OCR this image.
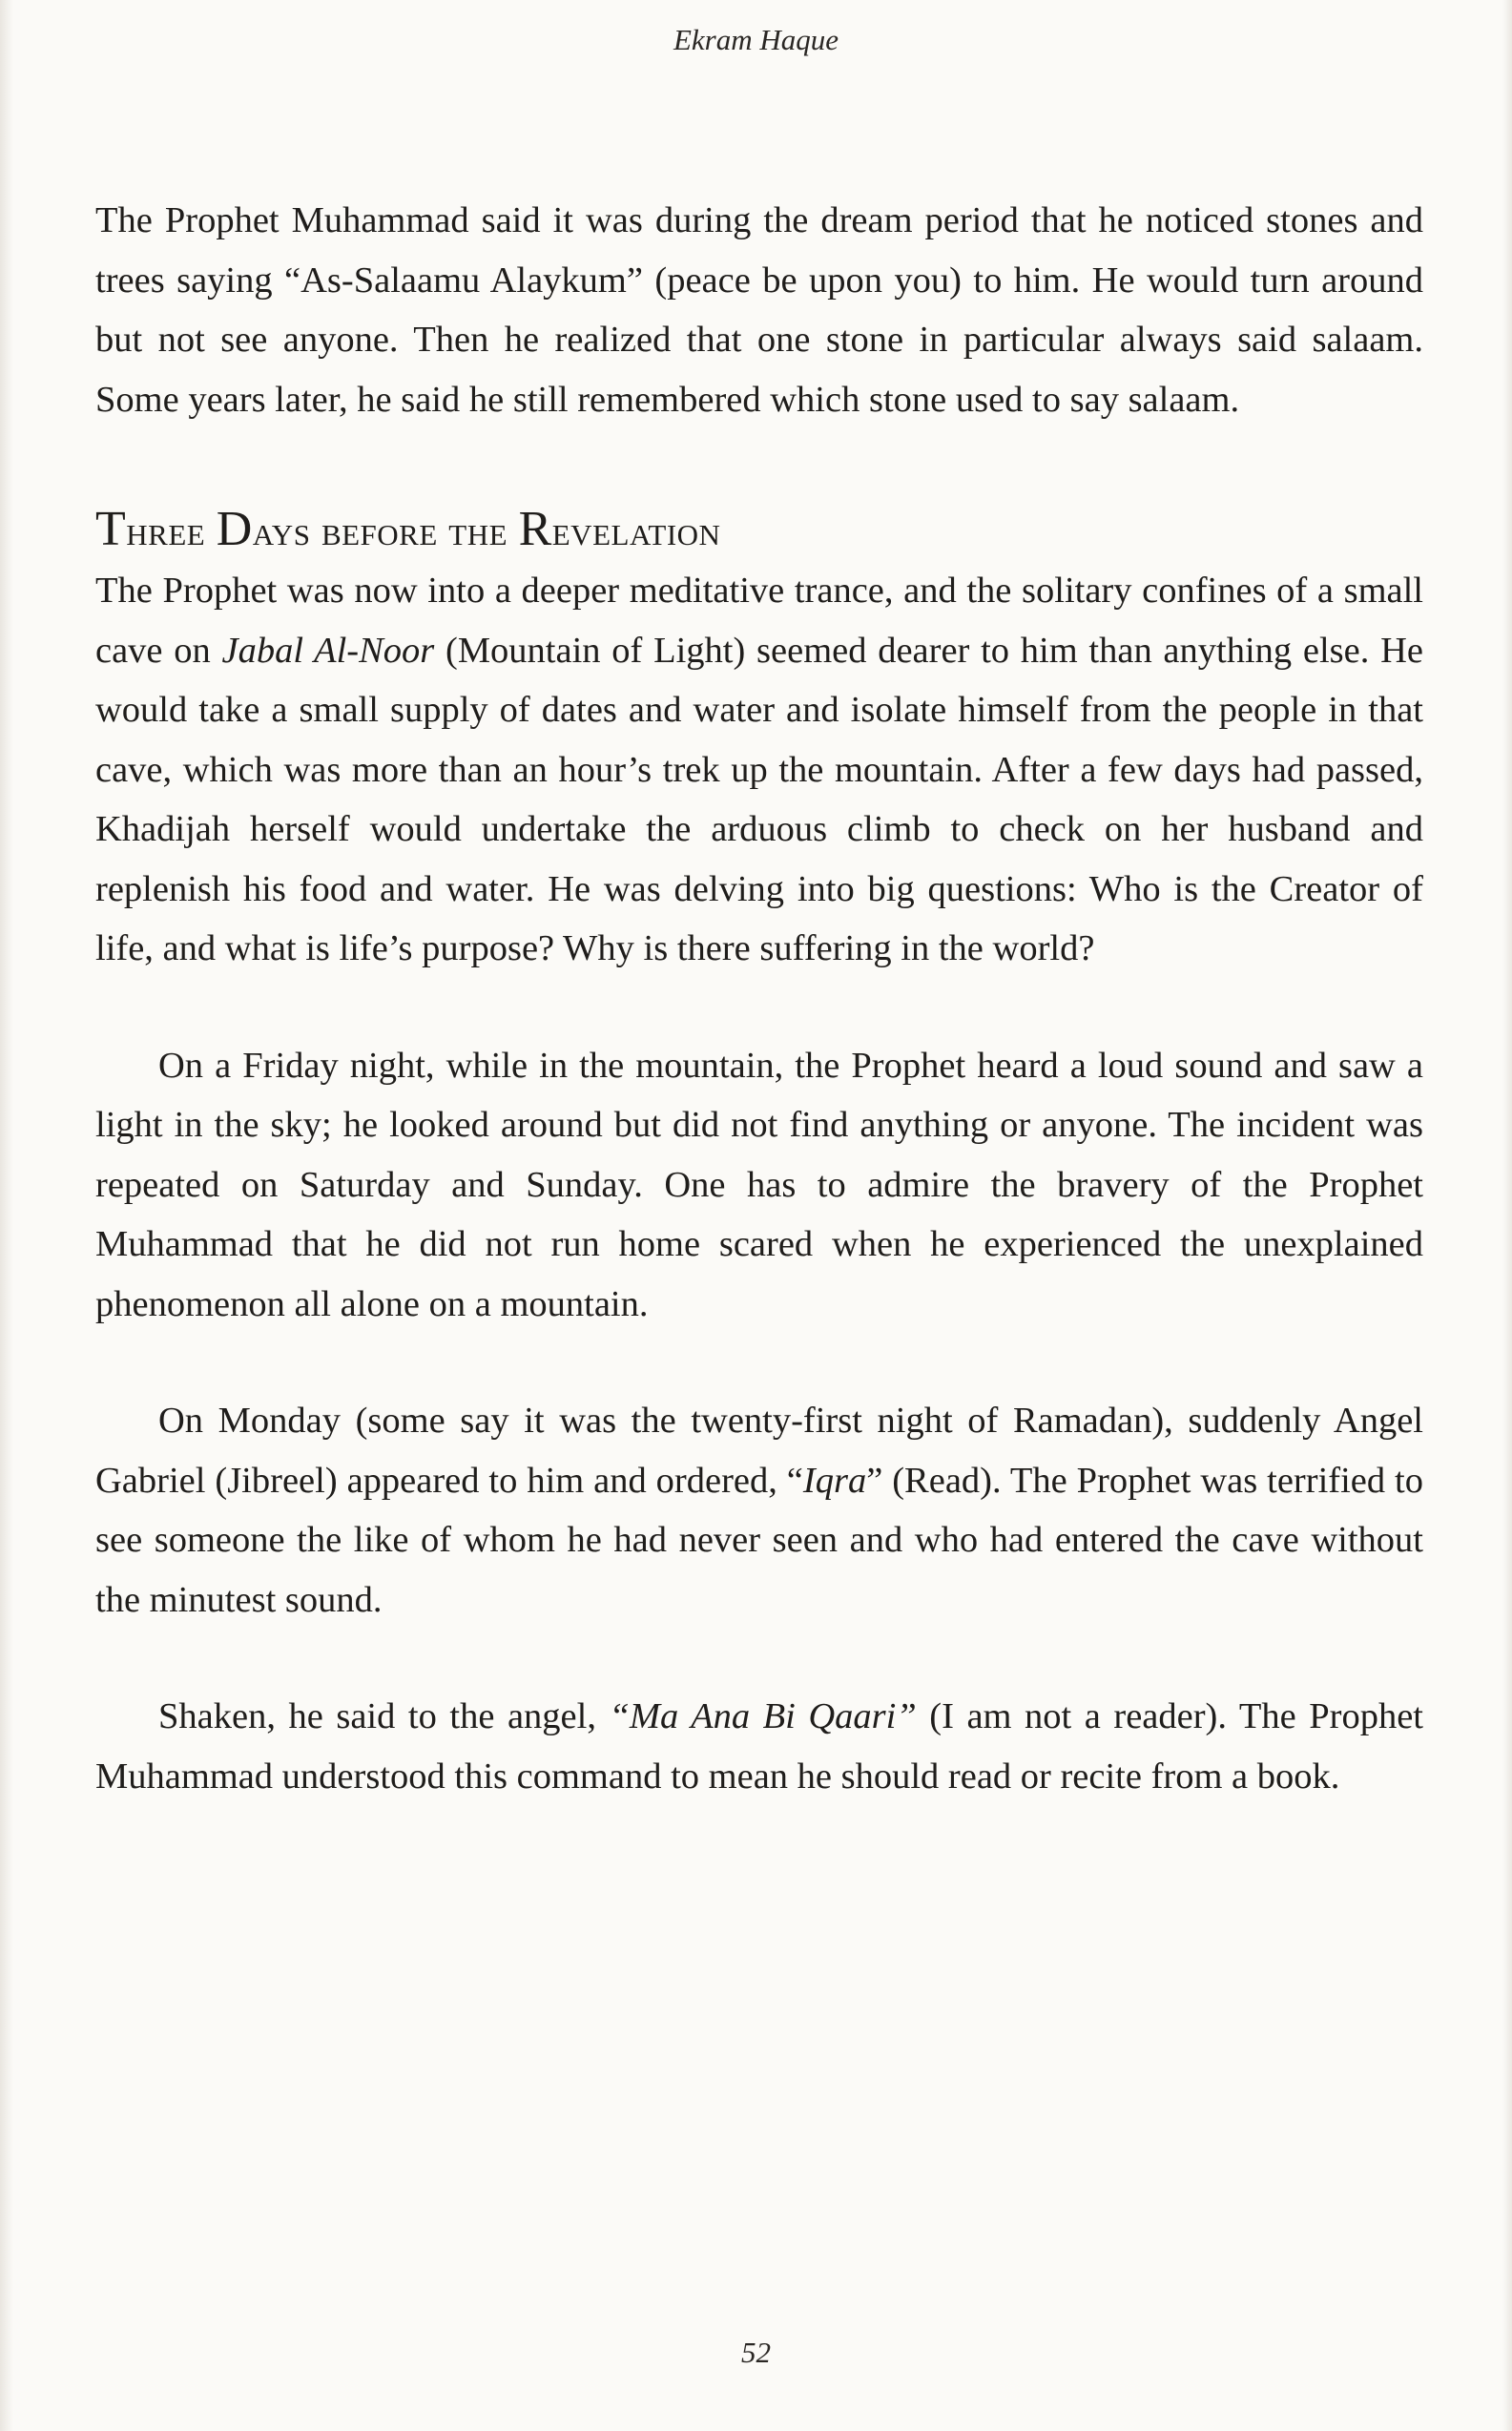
Ekram Haque

The Prophet Muhammad said it was during the dream period that he noticed stones and trees saying “As-Salaamu Alaykum” (peace be upon you) to him. He would turn around but not see anyone. Then he realized that one stone in particular always said salaam. Some years later, he said he still remembered which stone used to say salaam.

Three Days before the Revelation

The Prophet was now into a deeper meditative trance, and the solitary confines of a small cave on Jabal Al-Noor (Mountain of Light) seemed dearer to him than anything else. He would take a small supply of dates and water and isolate himself from the people in that cave, which was more than an hour’s trek up the mountain. After a few days had passed, Khadijah herself would undertake the arduous climb to check on her husband and replenish his food and water. He was delving into big questions: Who is the Creator of life, and what is life’s purpose? Why is there suffering in the world?

On a Friday night, while in the mountain, the Prophet heard a loud sound and saw a light in the sky; he looked around but did not find anything or anyone. The incident was repeated on Saturday and Sunday. One has to admire the bravery of the Prophet Muhammad that he did not run home scared when he experienced the unexplained phenomenon all alone on a mountain.

On Monday (some say it was the twenty-first night of Ramadan), suddenly Angel Gabriel (Jibreel) appeared to him and ordered, “Iqra” (Read). The Prophet was terrified to see someone the like of whom he had never seen and who had entered the cave without the minutest sound.

Shaken, he said to the angel, “Ma Ana Bi Qaari” (I am not a reader). The Prophet Muhammad understood this command to mean he should read or recite from a book.

52
